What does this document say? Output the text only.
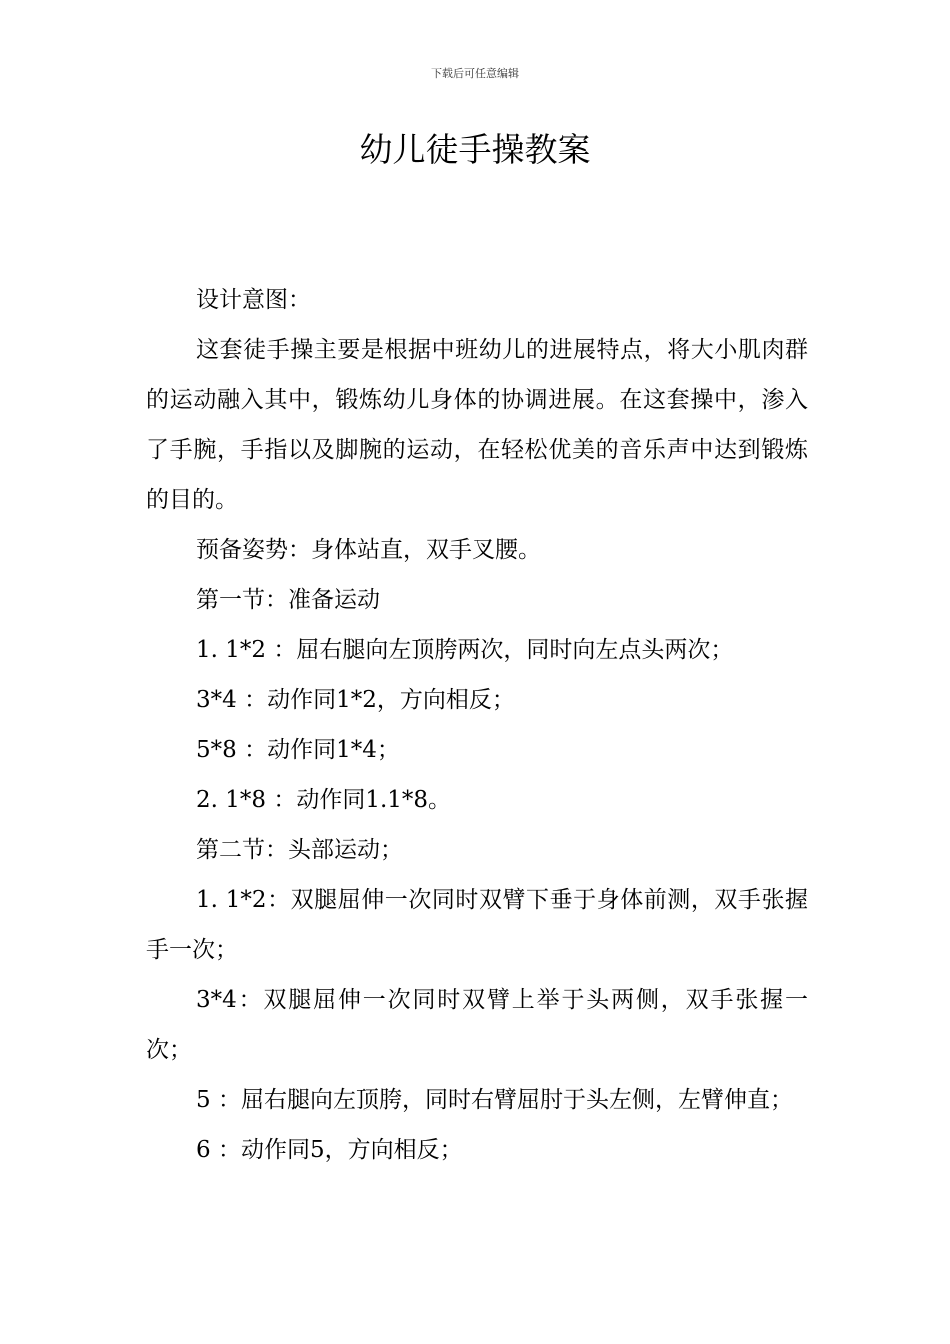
下载后可任意编辑
幼儿徒手操教案

设计意图：

这套徒手操主要是根据中班幼儿的进展特点，将大小肌肉群的运动融入其中，锻炼幼儿身体的协调进展。在这套操中，渗入了手腕，手指以及脚腕的运动，在轻松优美的音乐声中达到锻炼的目的。

预备姿势：身体站直，双手叉腰。

第一节：准备运动

1. 1*2 ：屈右腿向左顶胯两次，同时向左点头两次；

3*4 ：动作同1*2，方向相反；

5*8 ：动作同1*4；

2. 1*8 ：动作同1.1*8。

第二节：头部运动；

1. 1*2：双腿屈伸一次同时双臂下垂于身体前测，双手张握手一次；

3*4：双腿屈伸一次同时双臂上举于头两侧，双手张握一次；

5 ：屈右腿向左顶胯，同时右臂屈肘于头左侧，左臂伸直；

6 ：动作同5，方向相反；
